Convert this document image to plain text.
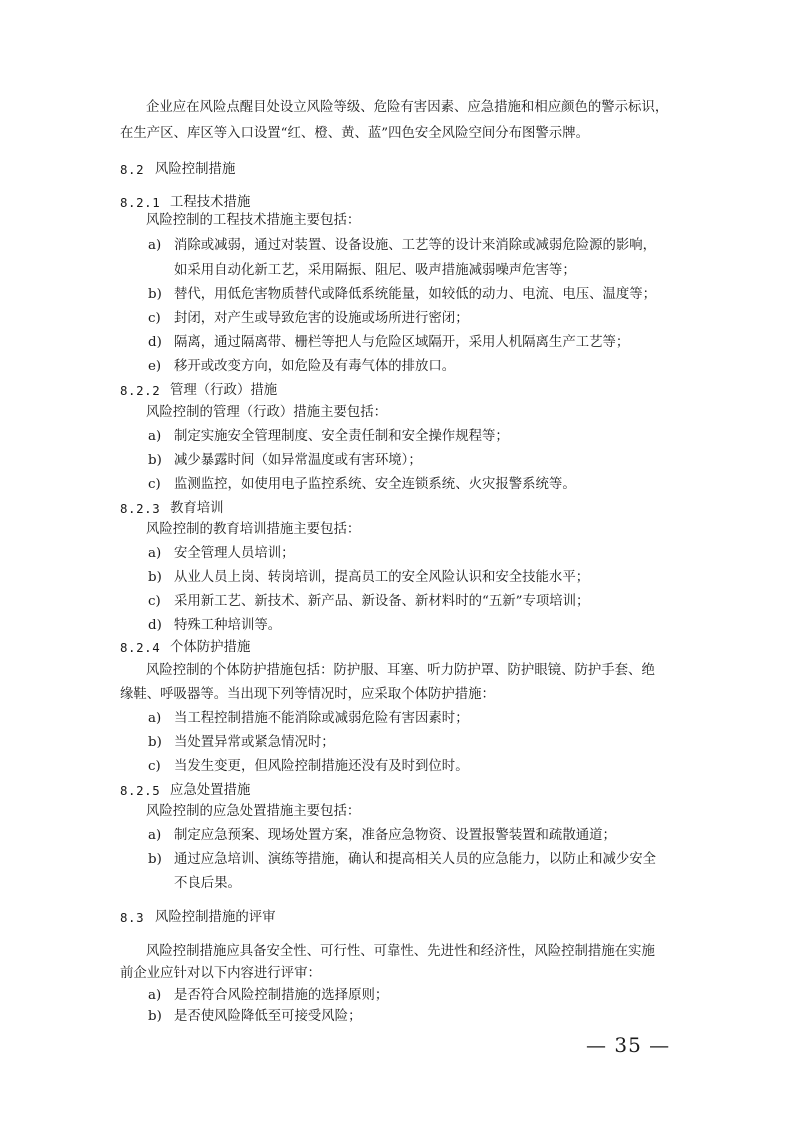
企业应在风险点醒目处设立风险等级、危险有害因素、应急措施和相应颜色的警示标识，
在生产区、库区等入口设置“红、橙、黄、蓝”四色安全风险空间分布图警示牌。
8.2 风险控制措施
8.2.1 工程技术措施
风险控制的工程技术措施主要包括：
a) 消除或减弱，通过对装置、设备设施、工艺等的设计来消除或减弱危险源的影响，
如采用自动化新工艺，采用隔振、阻尼、吸声措施减弱噪声危害等；
b) 替代，用低危害物质替代或降低系统能量，如较低的动力、电流、电压、温度等；
c) 封闭，对产生或导致危害的设施或场所进行密闭；
d) 隔离，通过隔离带、栅栏等把人与危险区域隔开，采用人机隔离生产工艺等；
e) 移开或改变方向，如危险及有毒气体的排放口。
8.2.2 管理（行政）措施
风险控制的管理（行政）措施主要包括：
a) 制定实施安全管理制度、安全责任制和安全操作规程等；
b) 减少暴露时间（如异常温度或有害环境）；
c) 监测监控，如使用电子监控系统、安全连锁系统、火灾报警系统等。
8.2.3 教育培训
风险控制的教育培训措施主要包括：
a) 安全管理人员培训；
b) 从业人员上岗、转岗培训，提高员工的安全风险认识和安全技能水平；
c) 采用新工艺、新技术、新产品、新设备、新材料时的“五新”专项培训；
d) 特殊工种培训等。
8.2.4 个体防护措施
风险控制的个体防护措施包括：防护服、耳塞、听力防护罩、防护眼镜、防护手套、绝
缘鞋、呼吸器等。当出现下列等情况时，应采取个体防护措施：
a) 当工程控制措施不能消除或减弱危险有害因素时；
b) 当处置异常或紧急情况时；
c) 当发生变更，但风险控制措施还没有及时到位时。
8.2.5 应急处置措施
风险控制的应急处置措施主要包括：
a) 制定应急预案、现场处置方案，准备应急物资、设置报警装置和疏散通道；
b) 通过应急培训、演练等措施，确认和提高相关人员的应急能力，以防止和减少安全
不良后果。
8.3 风险控制措施的评审
风险控制措施应具备安全性、可行性、可靠性、先进性和经济性，风险控制措施在实施
前企业应针对以下内容进行评审：
a) 是否符合风险控制措施的选择原则；
b) 是否使风险降低至可接受风险；
— 35 —
